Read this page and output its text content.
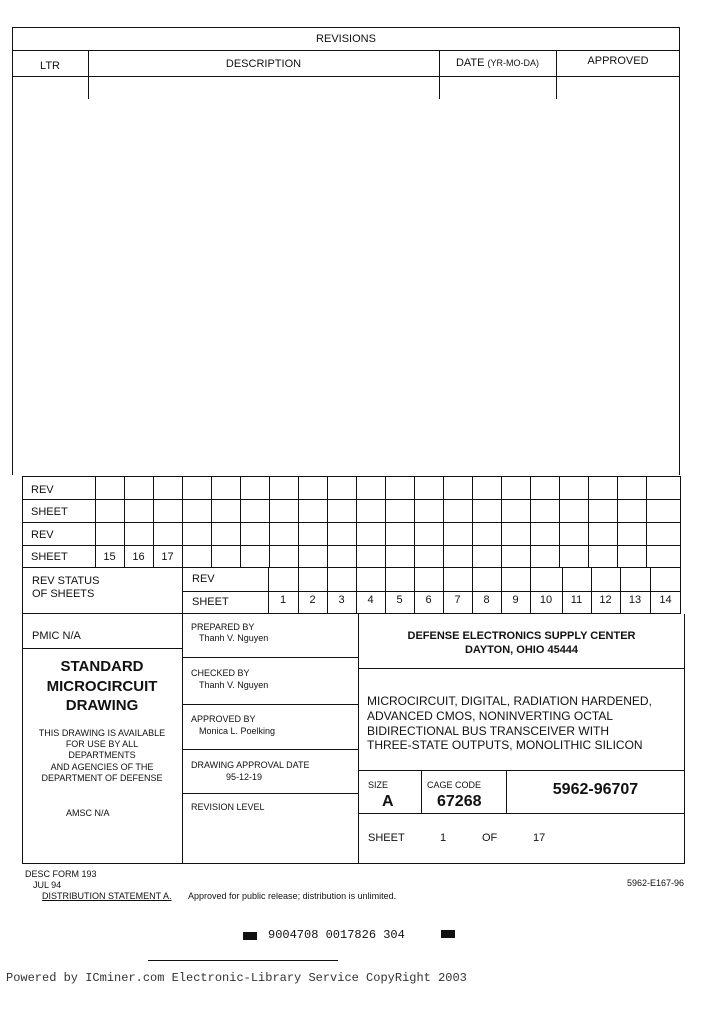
REVISIONS
LTR	DESCRIPTION	DATE (YR-MO-DA)	APPROVED
REV
SHEET
REV
SHEET	15	16	17
REV STATUS
OF SHEETS
REV
SHEET	1	2	3	4	5	6	7	8	9	10	11	12	13	14
PMIC N/A
STANDARD
MICROCIRCUIT
DRAWING
THIS DRAWING IS AVAILABLE
FOR USE BY ALL
DEPARTMENTS
AND AGENCIES OF THE
DEPARTMENT OF DEFENSE
AMSC N/A
PREPARED BY
Thanh V. Nguyen
CHECKED BY
Thanh V. Nguyen
APPROVED BY
Monica L. Poelking
DRAWING APPROVAL DATE
95-12-19
REVISION LEVEL
DEFENSE ELECTRONICS SUPPLY CENTER
DAYTON, OHIO 45444
MICROCIRCUIT, DIGITAL, RADIATION HARDENED,
ADVANCED CMOS, NONINVERTING OCTAL
BIDIRECTIONAL BUS TRANSCEIVER WITH
THREE-STATE OUTPUTS, MONOLITHIC SILICON
SIZE
A
CAGE CODE
67268
5962-96707
SHEET	1	OF	17
DESC FORM 193
JUL 94
DISTRIBUTION STATEMENT A. Approved for public release; distribution is unlimited.
5962-E167-96
9004708 0017826 304
Powered by ICminer.com Electronic-Library Service CopyRight 2003
